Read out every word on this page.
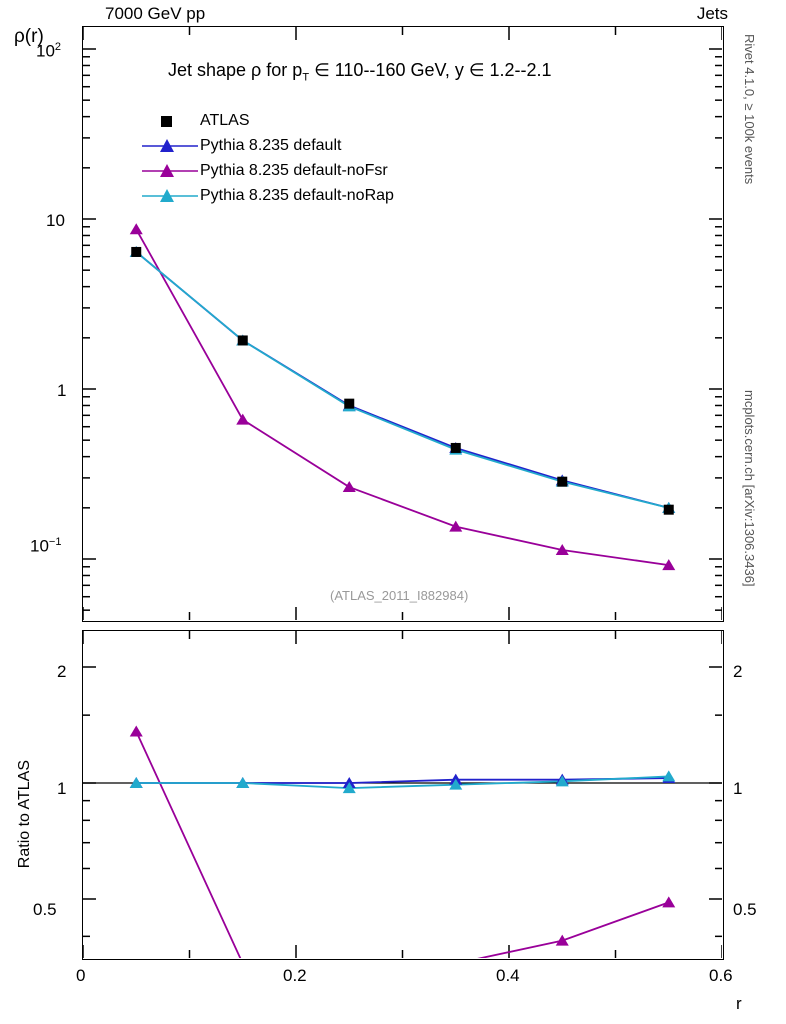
7000 GeV pp	Jets
Rivet 4.1.0, ≥ 100k events
mcplots.cern.ch [arXiv:1306.3436]
ρ(r)
$10^2$
10
1
$10^{-1}$
Jet shape ρ for $p_T$ ∈ 110--160 GeV, y ∈ 1.2--2.1
ATLAS
Pythia 8.235 default
Pythia 8.235 default-noFsr
Pythia 8.235 default-noRap
(ATLAS_2011_I882984)
Ratio to ATLAS
2
1
0.5
2
1
0.5
0	0.2	0.4	0.6
r
